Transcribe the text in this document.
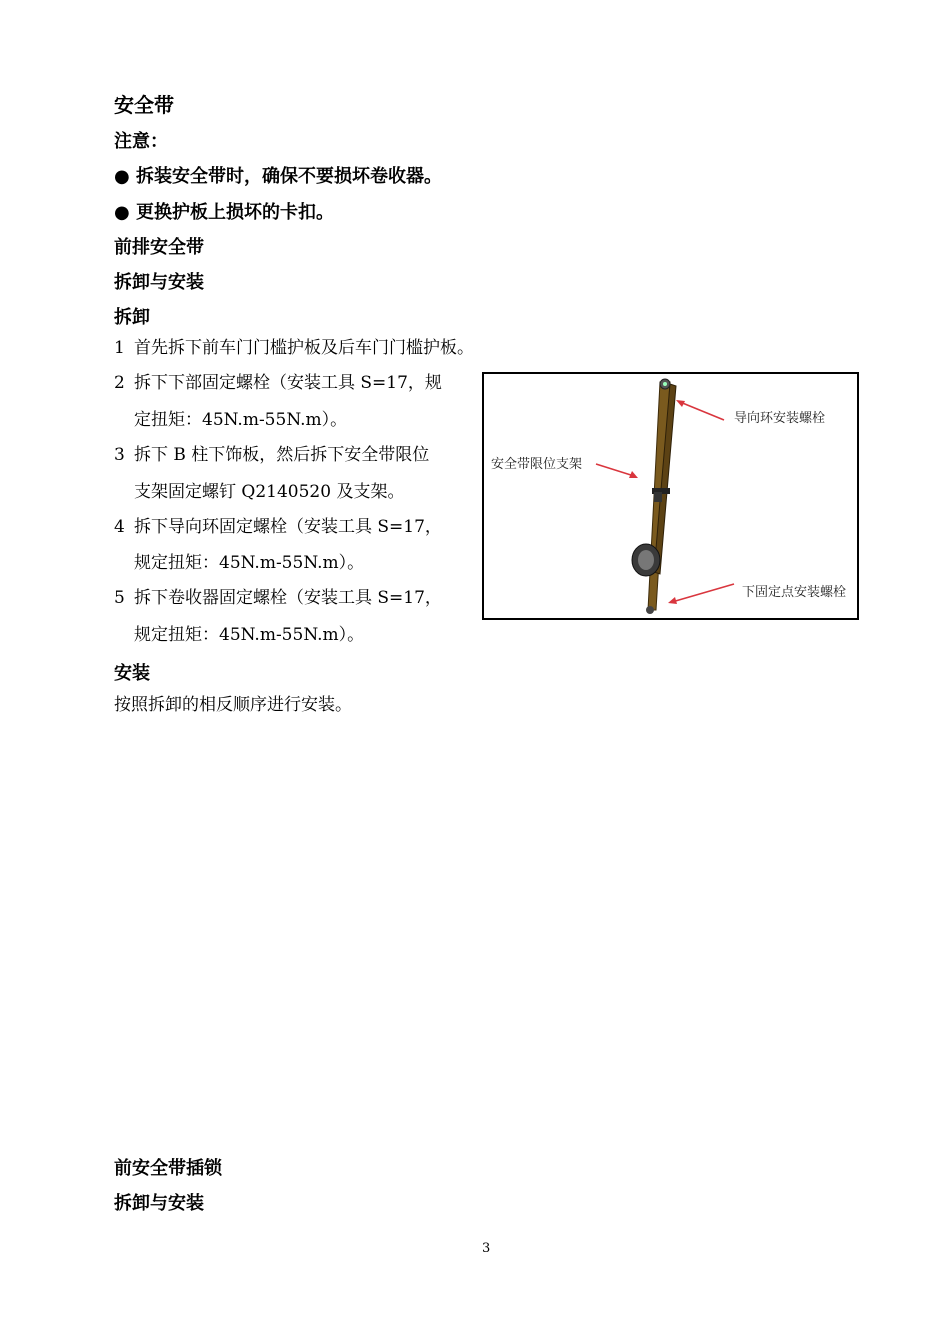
安全带
注意：
● 拆装安全带时，确保不要损坏卷收器。
● 更换护板上损坏的卡扣。
前排安全带
拆卸与安装
拆卸
1 首先拆下前车门门槛护板及后车门门槛护板。
2 拆下下部固定螺栓（安装工具 S=17，规
定扭矩：45N.m-55N.m）。
3 拆下 B 柱下饰板，然后拆下安全带限位
支架固定螺钉 Q2140520 及支架。
4 拆下导向环固定螺栓（安装工具 S=17，
规定扭矩：45N.m-55N.m）。
5 拆下卷收器固定螺栓（安装工具 S=17，
规定扭矩：45N.m-55N.m）。
导向环安装螺栓
安全带限位支架
下固定点安装螺栓
安装
按照拆卸的相反顺序进行安装。
前安全带插锁
拆卸与安装
3
